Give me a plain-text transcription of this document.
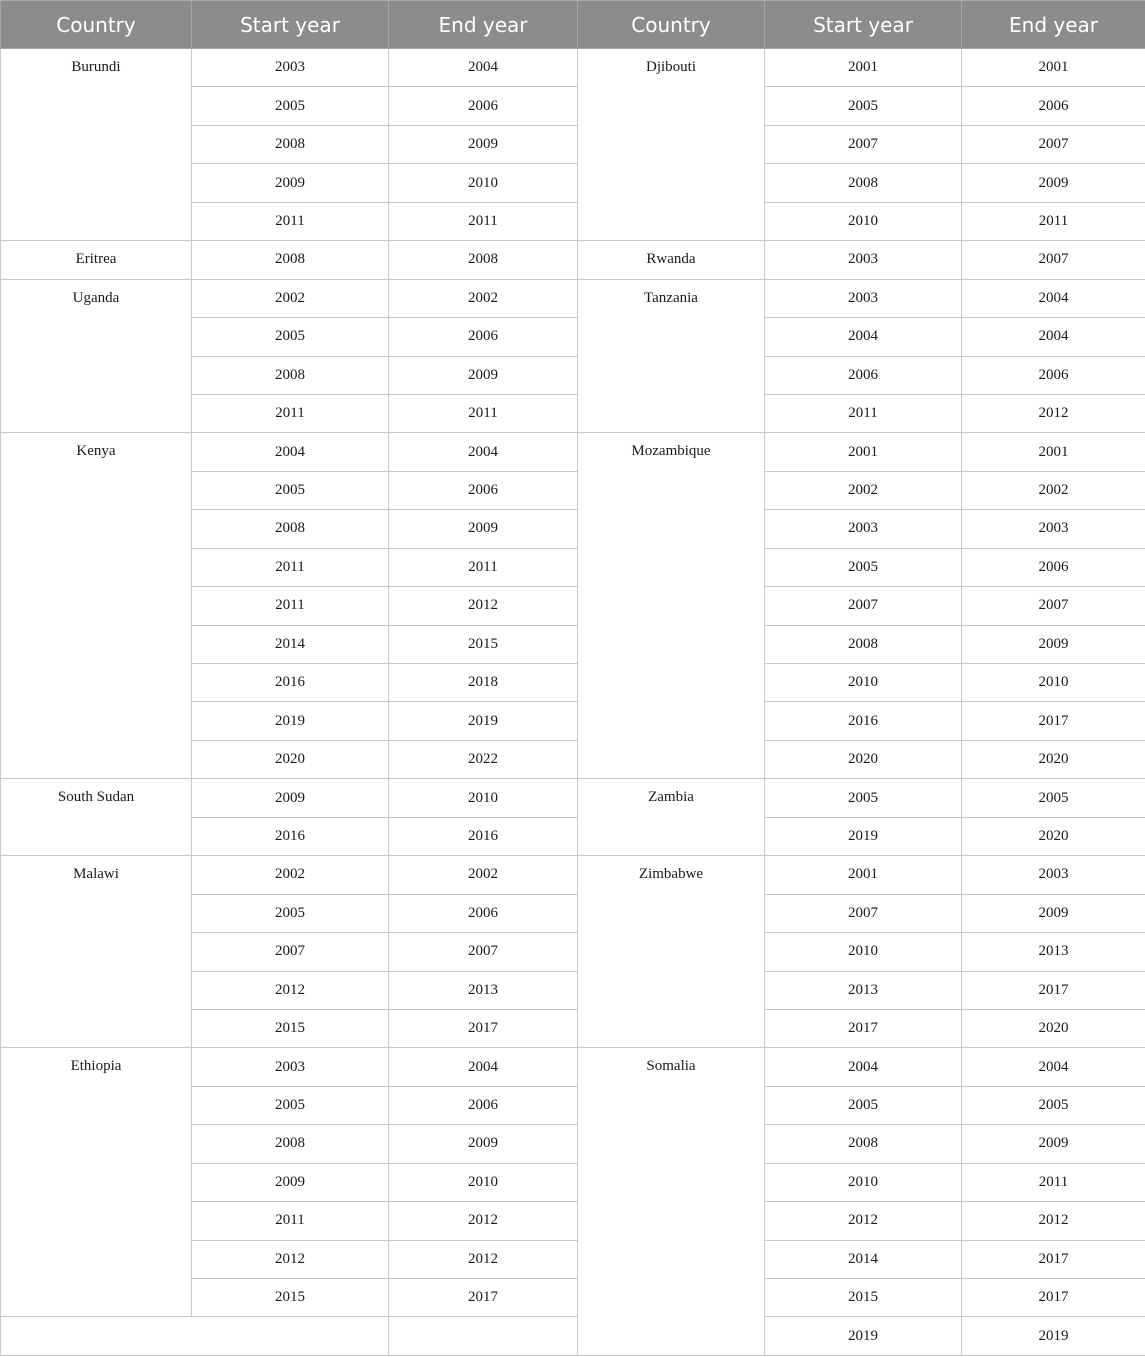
Country	Start year	End year	Country	Start year	End year
Burundi	2003	2004	Djibouti	2001	2001
	2005	2006		2005	2006
	2008	2009		2007	2007
	2009	2010		2008	2009
	2011	2011		2010	2011
Eritrea	2008	2008	Rwanda	2003	2007
Uganda	2002	2002	Tanzania	2003	2004
	2005	2006		2004	2004
	2008	2009		2006	2006
	2011	2011		2011	2012
Kenya	2004	2004	Mozambique	2001	2001
	2005	2006		2002	2002
	2008	2009		2003	2003
	2011	2011		2005	2006
	2011	2012		2007	2007
	2014	2015		2008	2009
	2016	2018		2010	2010
	2019	2019		2016	2017
	2020	2022		2020	2020
South Sudan	2009	2010	Zambia	2005	2005
	2016	2016		2019	2020
Malawi	2002	2002	Zimbabwe	2001	2003
	2005	2006		2007	2009
	2007	2007		2010	2013
	2012	2013		2013	2017
	2015	2017		2017	2020
Ethiopia	2003	2004	Somalia	2004	2004
	2005	2006		2005	2005
	2008	2009		2008	2009
	2009	2010		2010	2011
	2011	2012		2012	2012
	2012	2012		2014	2017
	2015	2017		2015	2017
				2019	2019
